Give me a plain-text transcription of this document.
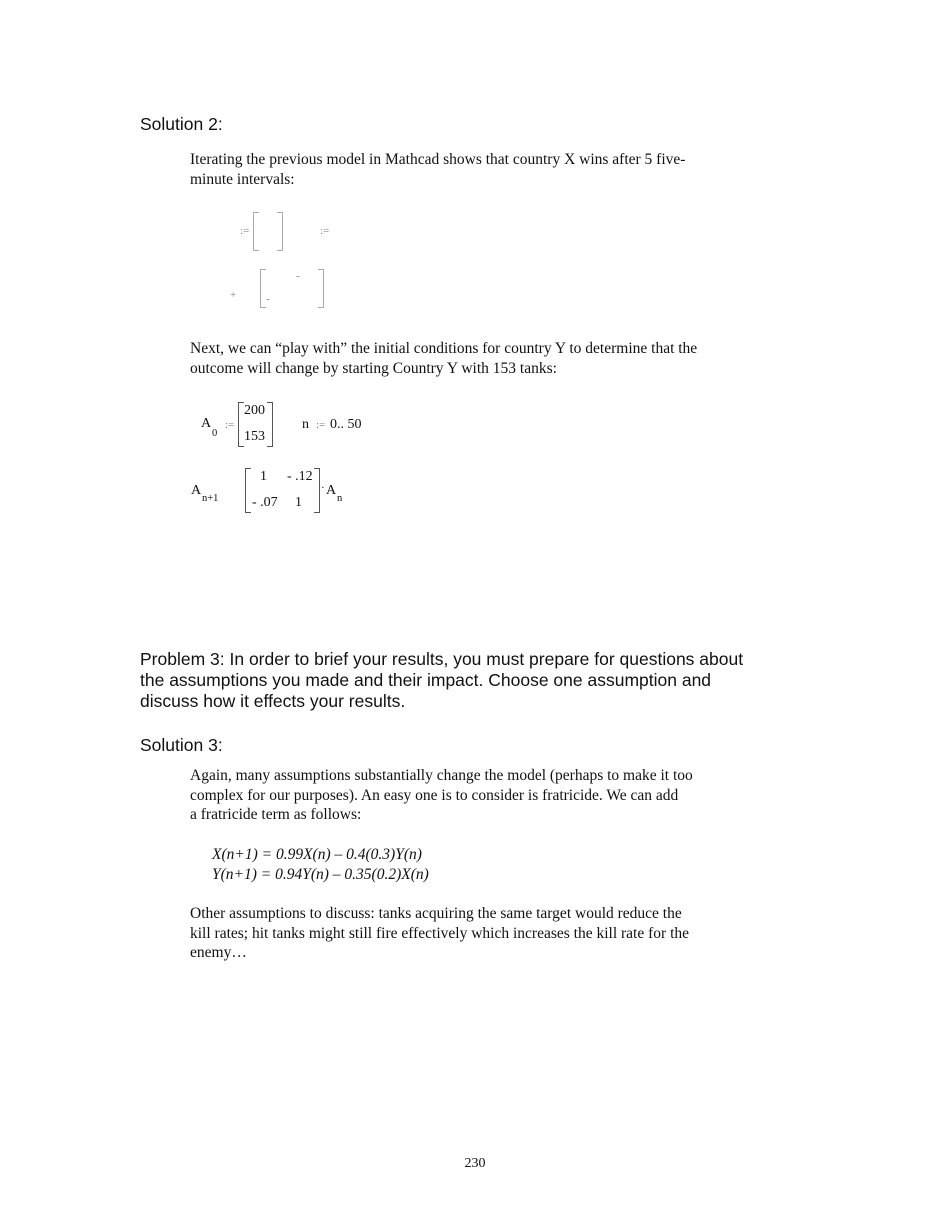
Solution 2:
Iterating the previous model in Mathcad shows that country X wins after 5 five-
minute intervals:
:=	:=
+
-
-
Next, we can “play with” the initial conditions for country Y to determine that the
outcome will change by starting Country Y with 153 tanks:
A
0
:=
200
153
n := 0.. 50
A
n+1
1 - .12
- .07 1
· A
n
Problem 3: In order to brief your results, you must prepare for questions about
the assumptions you made and their impact. Choose one assumption and
discuss how it effects your results.
Solution 3:
Again, many assumptions substantially change the model (perhaps to make it too
complex for our purposes). An easy one is to consider is fratricide. We can add
a fratricide term as follows:
X(n+1) = 0.99X(n) – 0.4(0.3)Y(n)
Y(n+1) = 0.94Y(n) – 0.35(0.2)X(n)
Other assumptions to discuss: tanks acquiring the same target would reduce the
kill rates; hit tanks might still fire effectively which increases the kill rate for the
enemy…
230
